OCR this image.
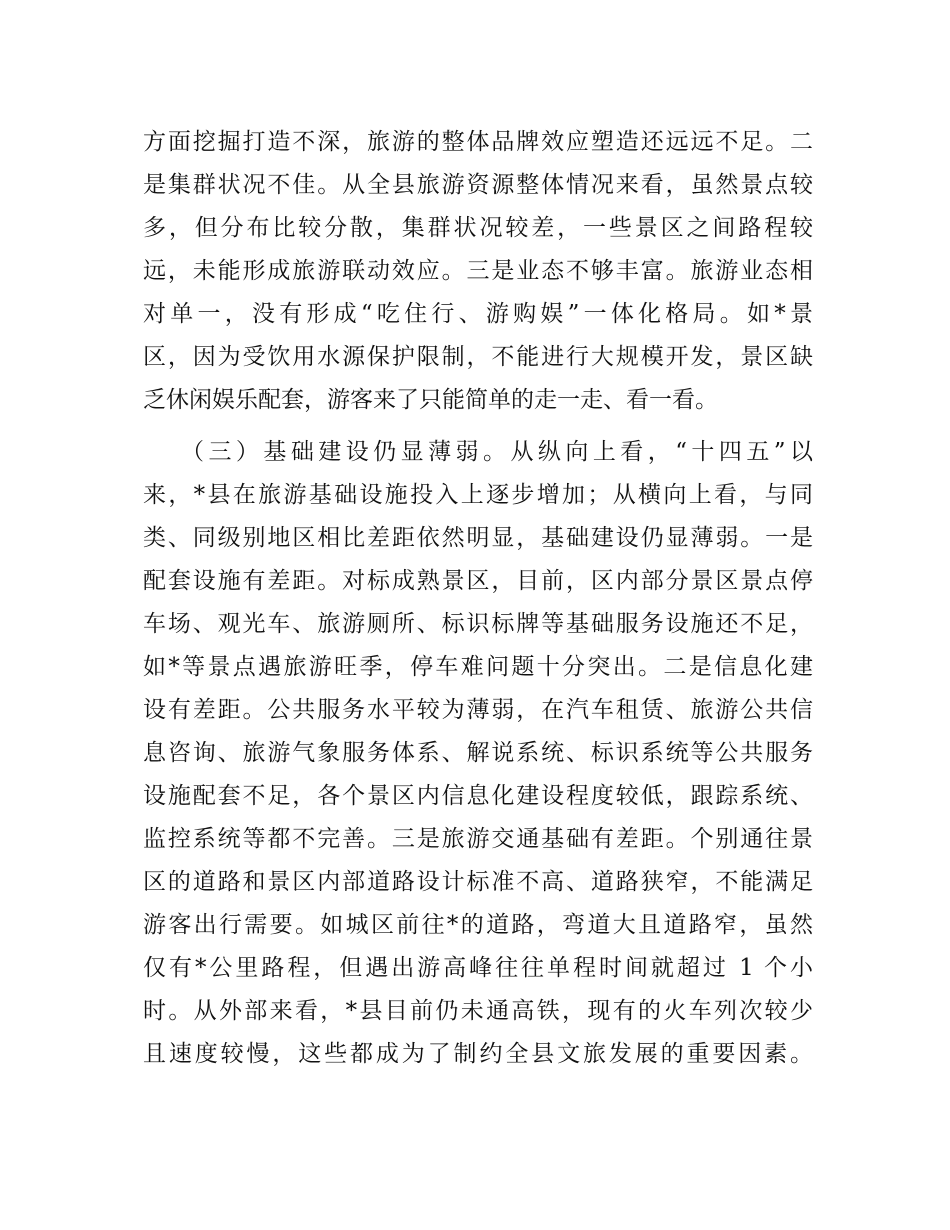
方面挖掘打造不深，旅游的整体品牌效应塑造还远远不足。二
是集群状况不佳。从全县旅游资源整体情况来看，虽然景点较
多，但分布比较分散，集群状况较差，一些景区之间路程较
远，未能形成旅游联动效应。三是业态不够丰富。旅游业态相
对单一，没有形成“吃住行、游购娱”一体化格局。如*景
区，因为受饮用水源保护限制，不能进行大规模开发，景区缺
乏休闲娱乐配套，游客来了只能简单的走一走、看一看。
（三）基础建设仍显薄弱。从纵向上看，“十四五”以
来，*县在旅游基础设施投入上逐步增加；从横向上看，与同
类、同级别地区相比差距依然明显，基础建设仍显薄弱。一是
配套设施有差距。对标成熟景区，目前，区内部分景区景点停
车场、观光车、旅游厕所、标识标牌等基础服务设施还不足，
如*等景点遇旅游旺季，停车难问题十分突出。二是信息化建
设有差距。公共服务水平较为薄弱，在汽车租赁、旅游公共信
息咨询、旅游气象服务体系、解说系统、标识系统等公共服务
设施配套不足，各个景区内信息化建设程度较低，跟踪系统、
监控系统等都不完善。三是旅游交通基础有差距。个别通往景
区的道路和景区内部道路设计标准不高、道路狭窄，不能满足
游客出行需要。如城区前往*的道路，弯道大且道路窄，虽然
仅有*公里路程，但遇出游高峰往往单程时间就超过 1 个小
时。从外部来看，*县目前仍未通高铁，现有的火车列次较少
且速度较慢，这些都成为了制约全县文旅发展的重要因素。
